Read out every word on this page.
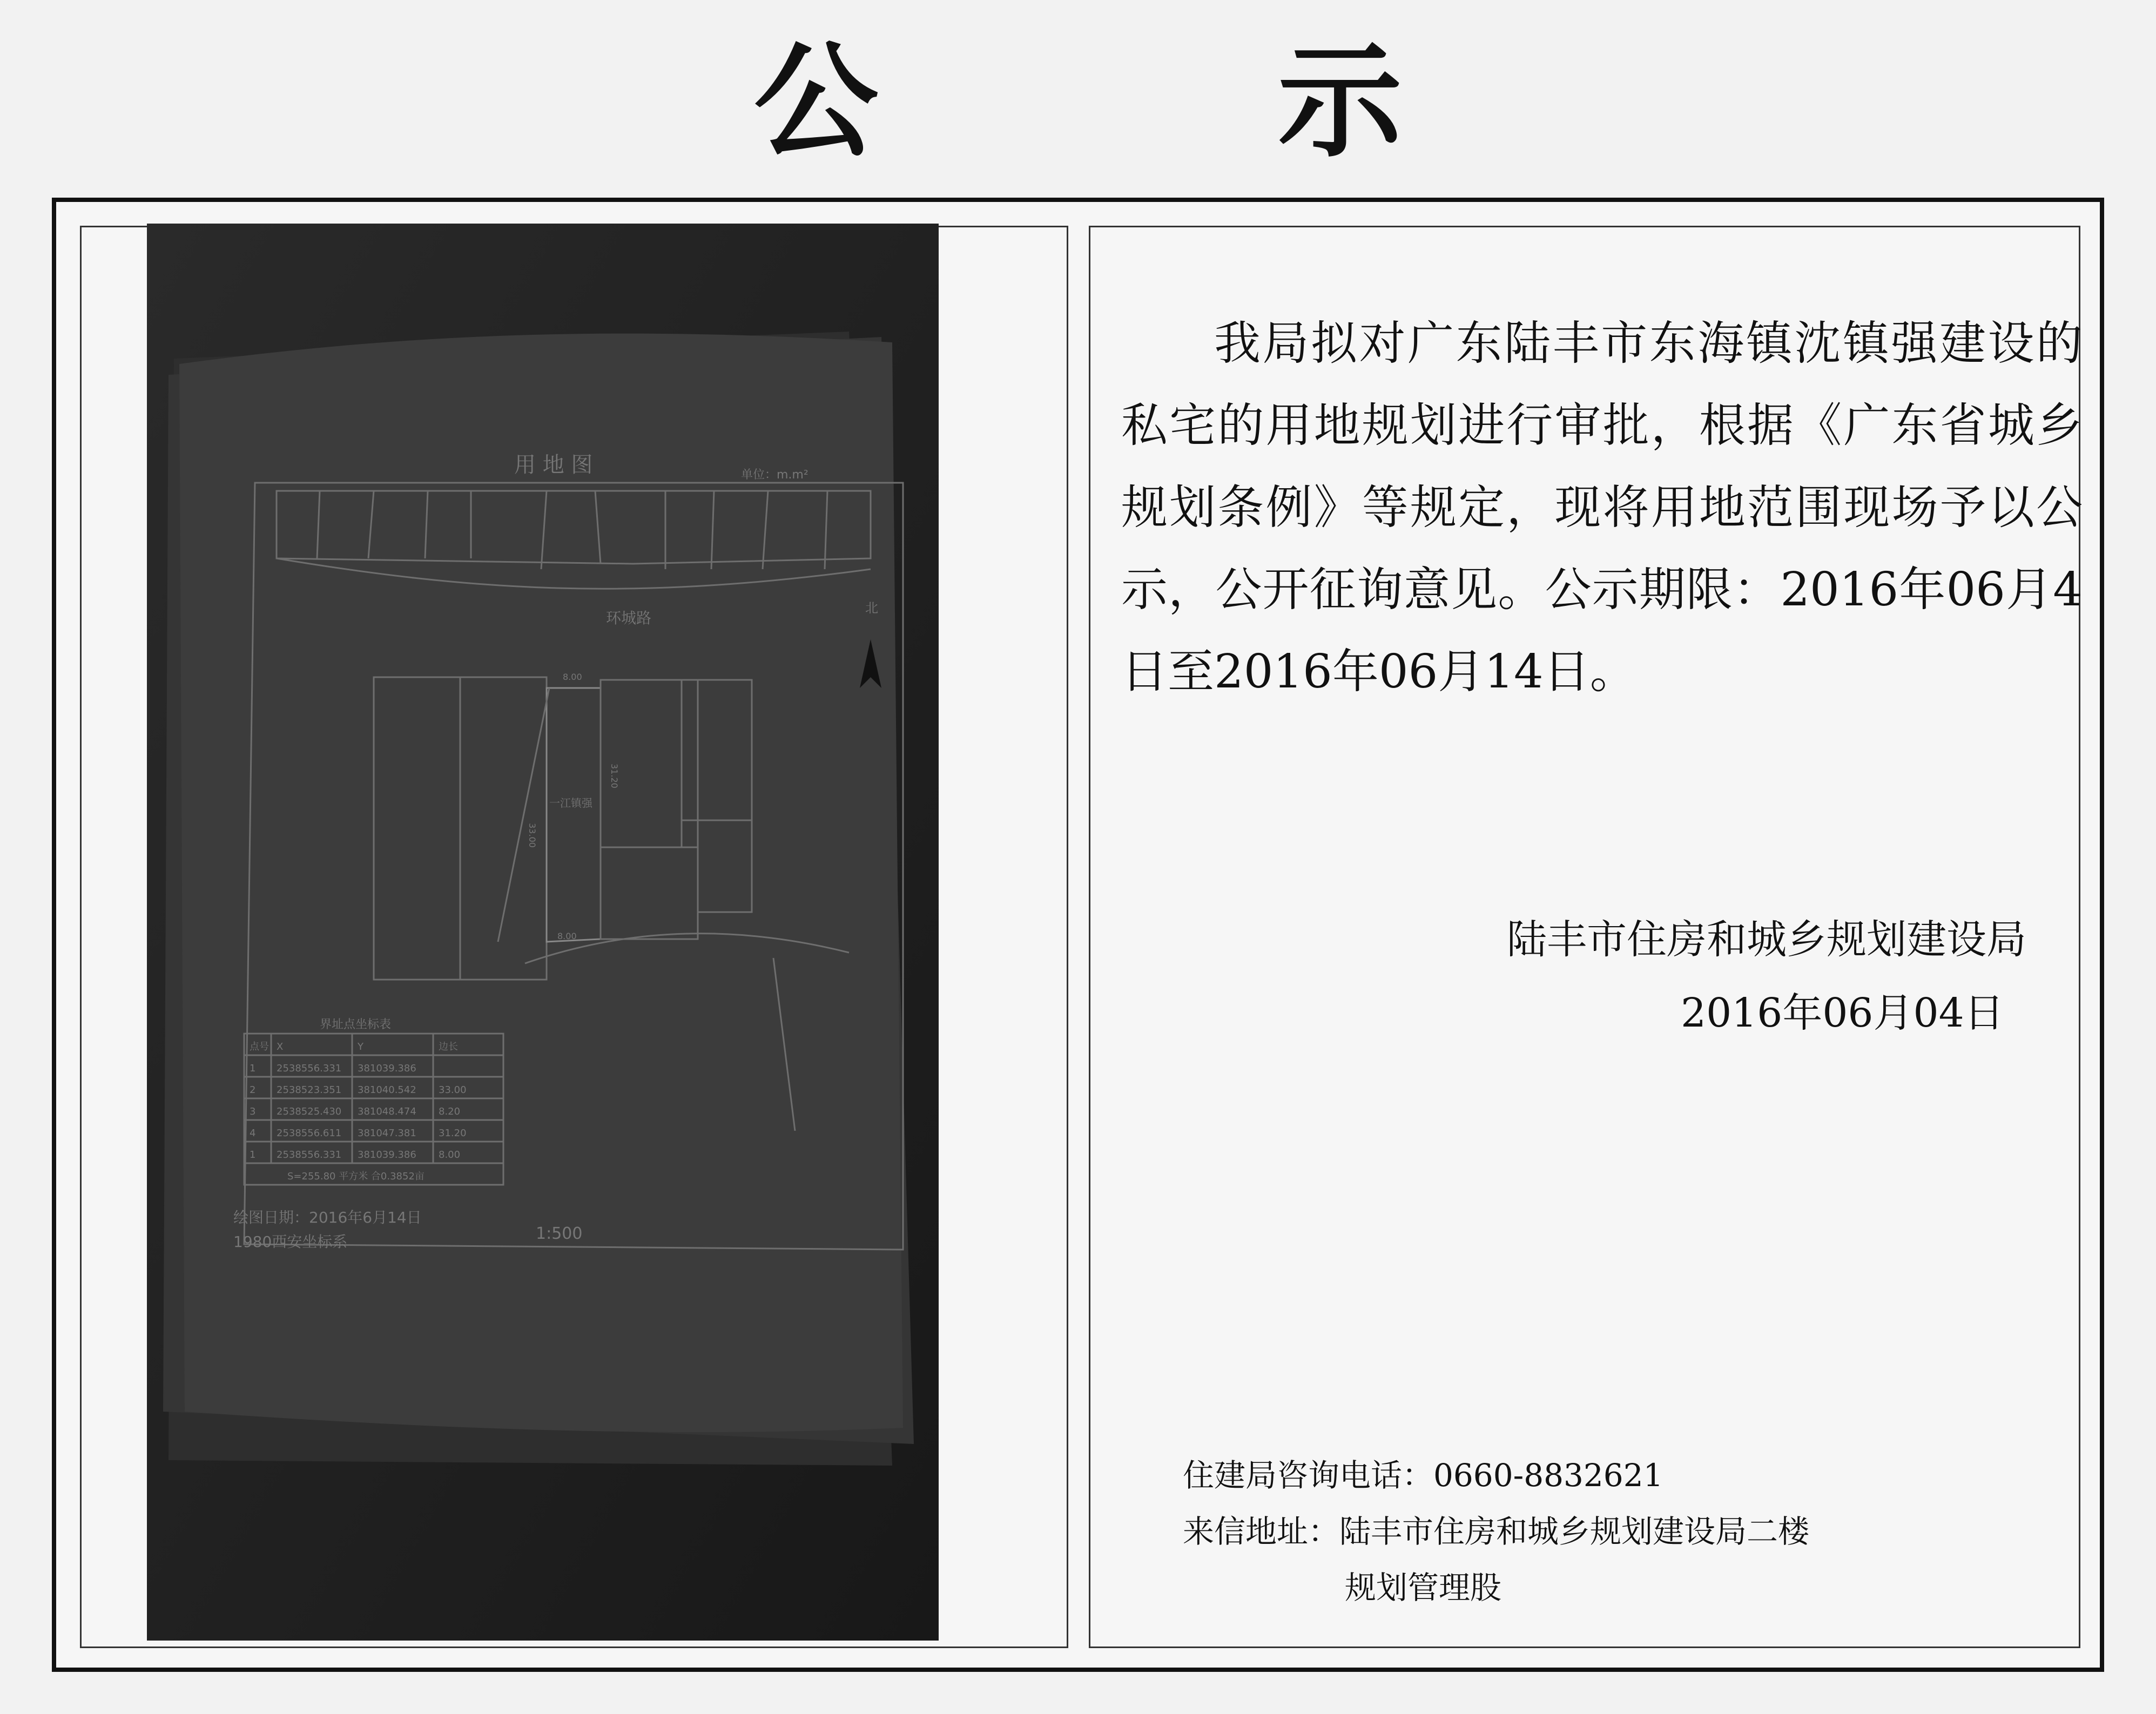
公 示
用 地 图	单位：m.m²
北
环城路
一江镇强
8.00
8.00
33.00
31.20
界址点坐标表
点号 X	Y	边长
1 2538556.331 381039.386
2 2538523.351 381040.542 33.00
3 2538525.430 381048.474 8.20
4 2538556.611 381047.381 31.20
1 2538556.331 381039.386 8.00
S=255.80 平方米 合0.3852亩
绘图日期：2016年6月14日
1980西安坐标系	1:500

我局拟对广东陆丰市东海镇沈镇强建设的私宅的用地规划进行审批，根据《广东省城乡规划条例》等规定，现将用地范围现场予以公示，公开征询意见。公示期限：2016年06月4日至2016年06月14日。

陆丰市住房和城乡规划建设局
2016年06月04日
住建局咨询电话：0660-8832621
来信地址：陆丰市住房和城乡规划建设局二楼
规划管理股
